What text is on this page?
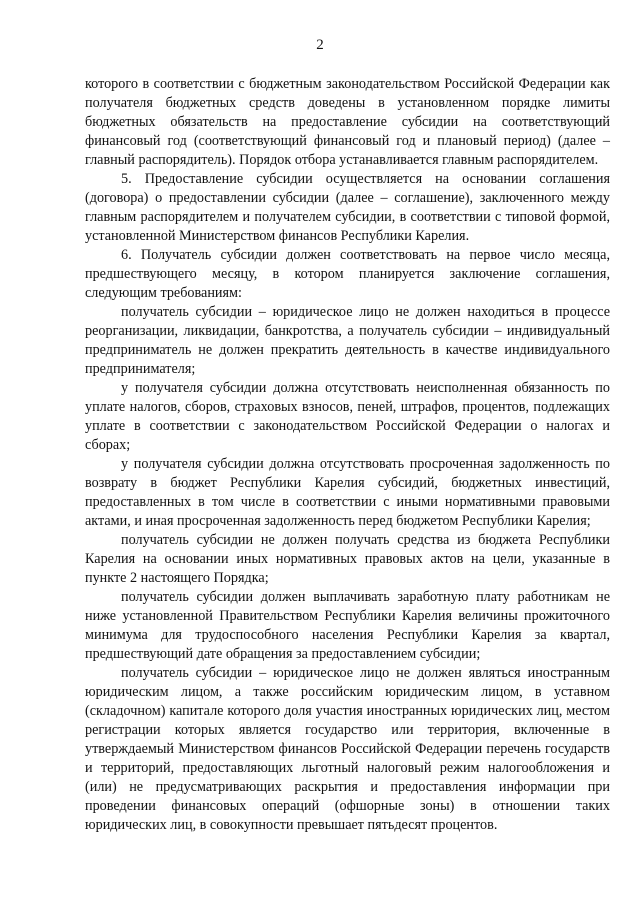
2

которого в соответствии с бюджетным законодательством Российской Федерации как получателя бюджетных средств доведены в установленном порядке лимиты бюджетных обязательств на предоставление субсидии на соответствующий финансовый год (соответствующий финансовый год и плановый период) (далее – главный распорядитель). Порядок отбора устанавливается главным распорядителем.

5. Предоставление субсидии осуществляется на основании соглашения (договора) о предоставлении субсидии (далее – соглашение), заключенного между главным распорядителем и получателем субсидии, в соответствии с типовой формой, установленной Министерством финансов Республики Карелия.

6. Получатель субсидии должен соответствовать на первое число месяца, предшествующего месяцу, в котором планируется заключение соглашения, следующим требованиям:

получатель субсидии – юридическое лицо не должен находиться в процессе реорганизации, ликвидации, банкротства, а получатель субсидии – индивидуальный предприниматель не должен прекратить деятельность в качестве индивидуального предпринимателя;

у получателя субсидии должна отсутствовать неисполненная обязанность по уплате налогов, сборов, страховых взносов, пеней, штрафов, процентов, подлежащих уплате в соответствии с законодательством Российской Федерации о налогах и сборах;

у получателя субсидии должна отсутствовать просроченная задолженность по возврату в бюджет Республики Карелия субсидий, бюджетных инвестиций, предоставленных в том числе в соответствии с иными нормативными правовыми актами, и иная просроченная задолженность перед бюджетом Республики Карелия;

получатель субсидии не должен получать средства из бюджета Республики Карелия на основании иных нормативных правовых актов на цели, указанные в пункте 2 настоящего Порядка;

получатель субсидии должен выплачивать заработную плату работникам не ниже установленной Правительством Республики Карелия величины прожиточного минимума для трудоспособного населения Республики Карелия за квартал, предшествующий дате обращения за предоставлением субсидии;

получатель субсидии – юридическое лицо не должен являться иностранным юридическим лицом, а также российским юридическим лицом, в уставном (складочном) капитале которого доля участия иностранных юридических лиц, местом регистрации которых является государство или территория, включенные в утверждаемый Министерством финансов Российской Федерации перечень государств и территорий, предоставляющих льготный налоговый режим налогообложения и (или) не предусматривающих раскрытия и предоставления информации при проведении финансовых операций (офшорные зоны) в отношении таких юридических лиц, в совокупности превышает пятьдесят процентов.
